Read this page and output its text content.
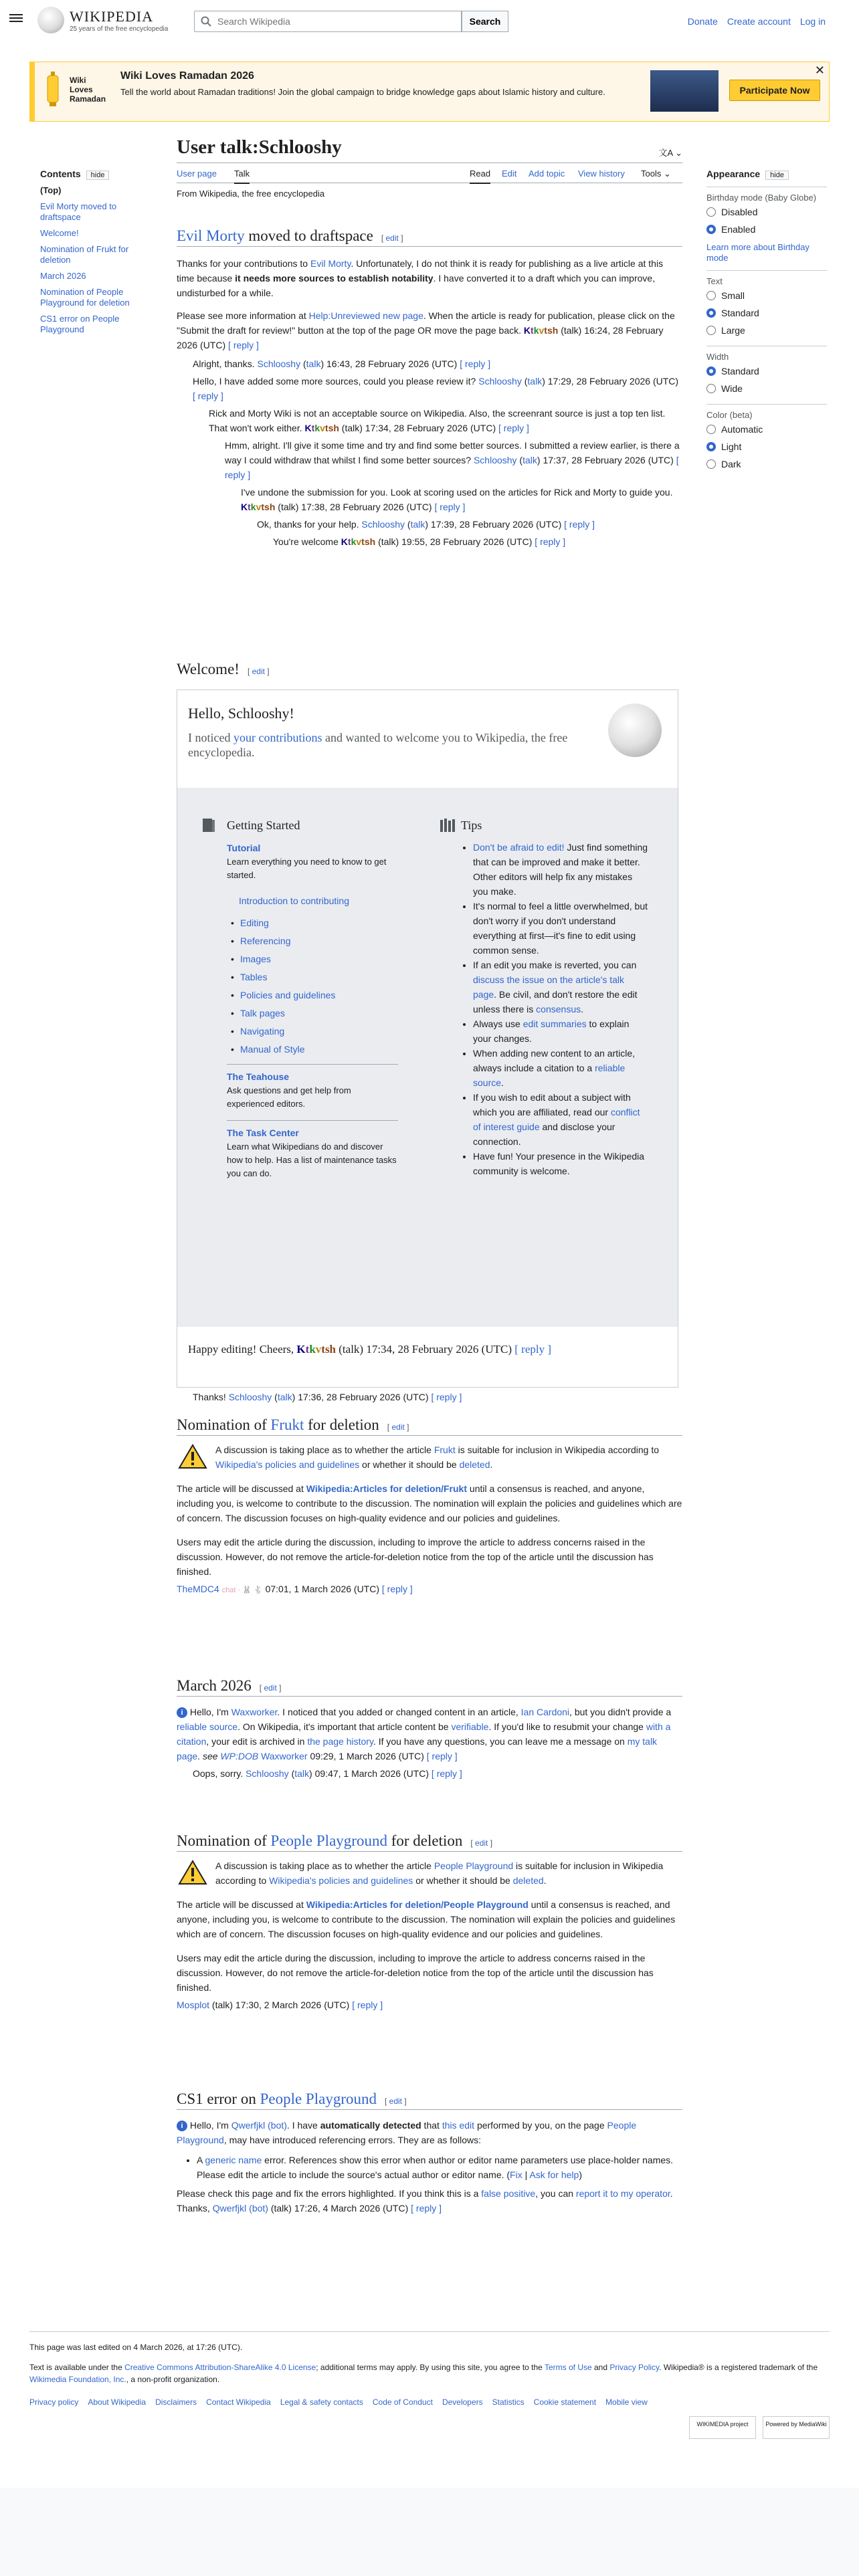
WIKIPEDIA
25 years of the free encyclopedia
Search Wikipedia
Search	Donate Create account Log in
Wiki Loves Ramadan
Wiki Loves Ramadan 2026
Tell the world about Ramadan traditions! Join the global campaign to bridge knowledge gaps about Islamic history and culture.	Participate Now
✕
Contents hide
(Top)
Evil Morty moved to draftspace
Welcome!
Nomination of Frukt for deletion
March 2026
Nomination of People Playground for deletion
CS1 error on People Playground
User talk:Schlooshy	文A ⌄
User page Talk	Read Edit Add topic View history Tools ⌄
From Wikipedia, the free encyclopedia
Evil Morty moved to draftspace [ edit ]

Thanks for your contributions to Evil Morty. Unfortunately, I do not think it is ready for publishing as a live article at this time because it needs more sources to establish notability. I have converted it to a draft which you can improve, undisturbed for a while.

Please see more information at Help:Unreviewed new page. When the article is ready for publication, please click on the "Submit the draft for review!" button at the top of the page OR move the page back. Ktkvtsh (talk) 16:24, 28 February 2026 (UTC) [ reply ]

Alright, thanks. Schlooshy (talk) 16:43, 28 February 2026 (UTC) [ reply ]

Hello, I have added some more sources, could you please review it? Schlooshy (talk) 17:29, 28 February 2026 (UTC) [ reply ]

Rick and Morty Wiki is not an acceptable source on Wikipedia. Also, the screenrant source is just a top ten list. That won't work either. Ktkvtsh (talk) 17:34, 28 February 2026 (UTC) [ reply ]

Hmm, alright. I'll give it some time and try and find some better sources. I submitted a review earlier, is there a way I could withdraw that whilst I find some better sources? Schlooshy (talk) 17:37, 28 February 2026 (UTC) [ reply ]

I've undone the submission for you. Look at scoring used on the articles for Rick and Morty to guide you. Ktkvtsh (talk) 17:38, 28 February 2026 (UTC) [ reply ]

Ok, thanks for your help. Schlooshy (talk) 17:39, 28 February 2026 (UTC) [ reply ]

You're welcome Ktkvtsh (talk) 19:55, 28 February 2026 (UTC) [ reply ]

Welcome! [ edit ]
Hello, Schlooshy!
I noticed your contributions and wanted to welcome you to Wikipedia, the free encyclopedia.
Getting Started	Tips
Tutorial
Learn everything you need to know to get started.
Introduction to contributing
• Editing
• Referencing
• Images
• Tables
• Policies and guidelines
• Talk pages
• Navigating
• Manual of Style
The Teahouse
Ask questions and get help from experienced editors.
The Task Center
Learn what Wikipedians do and discover how to help. Has a list of maintenance tasks you can do.
• Don't be afraid to edit! Just find something that can be improved and make it better. Other editors will help fix any mistakes you make.
• It's normal to feel a little overwhelmed, but don't worry if you don't understand everything at first—it's fine to edit using common sense.
• If an edit you make is reverted, you can discuss the issue on the article's talk page. Be civil, and don't restore the edit unless there is consensus.
• Always use edit summaries to explain your changes.
• When adding new content to an article, always include a citation to a reliable source.
• If you wish to edit about a subject with which you are affiliated, read our conflict of interest guide and disclose your connection.
• Have fun! Your presence in the Wikipedia community is welcome.
Happy editing! Cheers, Ktkvtsh (talk) 17:34, 28 February 2026 (UTC) [ reply ]

Thanks! Schlooshy (talk) 17:36, 28 February 2026 (UTC) [ reply ]

Nomination of Frukt for deletion [ edit ]

A discussion is taking place as to whether the article Frukt is suitable for inclusion in Wikipedia according to Wikipedia's policies and guidelines or whether it should be deleted.

The article will be discussed at Wikipedia:Articles for deletion/Frukt until a consensus is reached, and anyone, including you, is welcome to contribute to the discussion. The nomination will explain the policies and guidelines which are of concern. The discussion focuses on high-quality evidence and our policies and guidelines.

Users may edit the article during the discussion, including to improve the article to address concerns raised in the discussion. However, do not remove the article-for-deletion notice from the top of the article until the discussion has finished.

TheMDC4 chat · 🐰 🐇 07:01, 1 March 2026 (UTC) [ reply ]

March 2026 [ edit ]

i Hello, I'm Waxworker. I noticed that you added or changed content in an article, Ian Cardoni, but you didn't provide a reliable source. On Wikipedia, it's important that article content be verifiable. If you'd like to resubmit your change with a citation, your edit is archived in the page history. If you have any questions, you can leave me a message on my talk page. see WP:DOB Waxworker 09:29, 1 March 2026 (UTC) [ reply ]

Oops, sorry. Schlooshy (talk) 09:47, 1 March 2026 (UTC) [ reply ]

Nomination of People Playground for deletion [ edit ]

A discussion is taking place as to whether the article People Playground is suitable for inclusion in Wikipedia according to Wikipedia's policies and guidelines or whether it should be deleted.

The article will be discussed at Wikipedia:Articles for deletion/People Playground until a consensus is reached, and anyone, including you, is welcome to contribute to the discussion. The nomination will explain the policies and guidelines which are of concern. The discussion focuses on high-quality evidence and our policies and guidelines.

Users may edit the article during the discussion, including to improve the article to address concerns raised in the discussion. However, do not remove the article-for-deletion notice from the top of the article until the discussion has finished.

Mosplot (talk) 17:30, 2 March 2026 (UTC) [ reply ]

CS1 error on People Playground [ edit ]

i Hello, I'm Qwerfjkl (bot). I have automatically detected that this edit performed by you, on the page People Playground, may have introduced referencing errors. They are as follows:

• A generic name error. References show this error when author or editor name parameters use place-holder names. Please edit the article to include the source's actual author or editor name. (Fix | Ask for help)

Please check this page and fix the errors highlighted. If you think this is a false positive, you can report it to my operator. Thanks, Qwerfjkl (bot) (talk) 17:26, 4 March 2026 (UTC) [ reply ]

Appearance hide
Birthday mode (Baby Globe)
Disabled
Enabled
Learn more about Birthday mode
Text
Small
Standard
Large
Width
Standard
Wide
Color (beta)
Automatic
Light
Dark
This page was last edited on 4 March 2026, at 17:26 (UTC).
Text is available under the Creative Commons Attribution-ShareAlike 4.0 License; additional terms may apply. By using this site, you agree to the Terms of Use and Privacy Policy. Wikipedia® is a registered trademark of the Wikimedia Foundation, Inc., a non-profit organization.
Privacy policy About Wikipedia Disclaimers Contact Wikipedia Legal & safety contacts Code of Conduct Developers Statistics Cookie statement Mobile view
WIKIMEDIA project	Powered by MediaWiki
